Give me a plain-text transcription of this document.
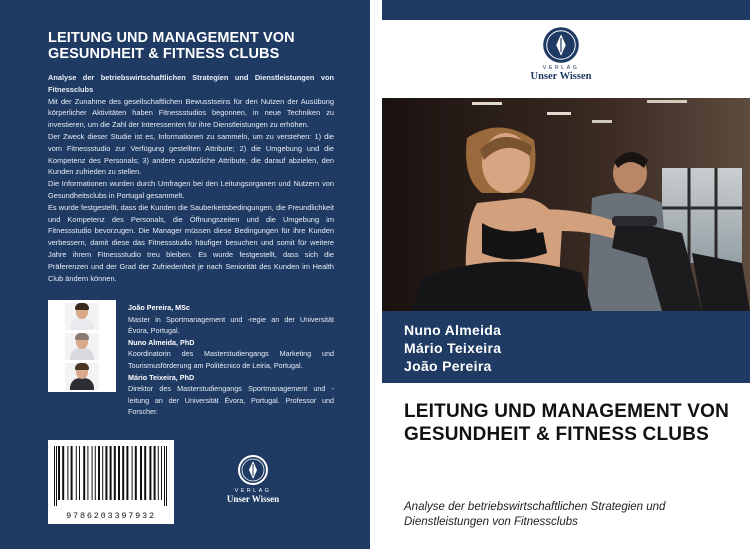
LEITUNG UND MANAGEMENT VON GESUNDHEIT & FITNESS CLUBS
Analyse der betriebswirtschaftlichen Strategien und Dienstleistungen von Fitnessclubs

Mit der Zunahme des gesellschaftlichen Bewusstseins für den Nutzen der Ausübung körperlicher Aktivitäten haben Fitnessstudios begonnen, in neue Techniken zu investieren, um die Zahl der Interessenten für ihre Dienstleistungen zu erhöhen.

Der Zweck dieser Studie ist es, Informationen zu sammeln, um zu verstehen: 1) die vom Fitnessstudio zur Verfügung gestellten Attribute; 2) die Umgebung und die Kompetenz des Personals; 3) andere zusätzliche Attribute, die darauf abzielen, den Kunden zufrieden zu stellen.

Die Informationen wurden durch Umfragen bei den Leitungsorganen und Nutzern von Gesundheitsclubs in Portugal gesammelt.

Es wurde festgestellt, dass die Kunden die Sauberkeitsbedingungen, die Freundlichkeit und Kompetenz des Personals, die Öffnungszeiten und die Umgebung im Fitnessstudio bevorzugen. Die Manager müssen diese Bedingungen für ihre Kunden verbessern, damit diese das Fitnessstudio häufiger besuchen und somit für weitere Jahre ihrem Fitnessstudio treu bleiben. Es wurde festgestellt, dass sich die Präferenzen und der Grad der Zufriedenheit je nach Seniorität des Kunden im Health Club ändern können.

João Pereira, MSc
Master in Sportmanagement und -regie an der Universität Évora, Portugal.
Nuno Almeida, PhD
Koordinatorin des Masterstudiengangs Marketing und Tourismusförderung am Politécnico de Leiria, Portugal.
Mário Teixeira, PhD
Direktor des Masterstudiengangs Sportmanagement und -leitung an der Universität Évora, Portugal. Professor und Forscher.
9786203397932
VERLAG
Unser Wissen
VERLAG
Unser Wissen
Nuno Almeida
Mário Teixeira
João Pereira
LEITUNG UND MANAGEMENT VON GESUNDHEIT & FITNESS CLUBS
Analyse der betriebswirtschaftlichen Strategien und Dienstleistungen von Fitnessclubs
